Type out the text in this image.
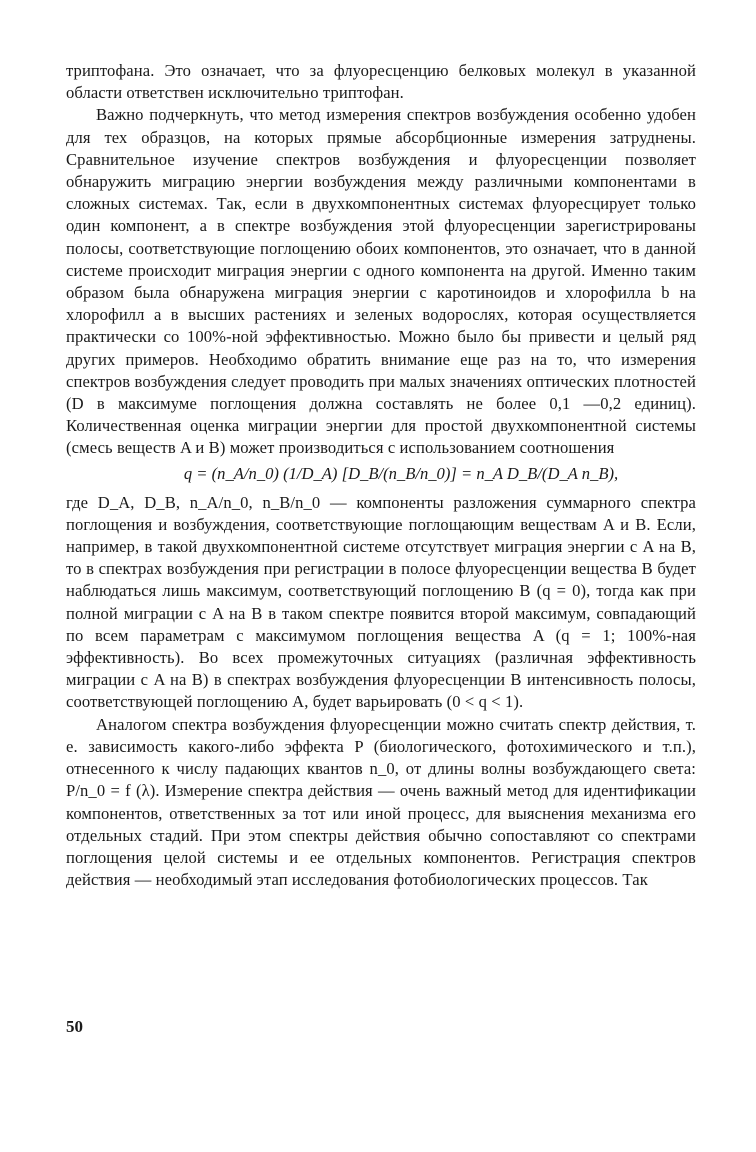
триптофана. Это означает, что за флуоресценцию белковых молекул в указанной области ответствен исключительно триптофан.

Важно подчеркнуть, что метод измерения спектров возбуждения особенно удобен для тех образцов, на которых прямые абсорбционные измерения затруднены. Сравнительное изучение спектров возбуждения и флуоресценции позволяет обнаружить миграцию энергии возбуждения между различными компонентами в сложных системах. Так, если в двухкомпонентных системах флуоресцирует только один компонент, а в спектре возбуждения этой флуоресценции зарегистрированы полосы, соответствующие поглощению обоих компонентов, это означает, что в данной системе происходит миграция энергии с одного компонента на другой. Именно таким образом была обнаружена миграция энергии с каротиноидов и хлорофилла b на хлорофилл a в высших растениях и зеленых водорослях, которая осуществляется практически со 100%-ной эффективностью. Можно было бы привести и целый ряд других примеров. Необходимо обратить внимание еще раз на то, что измерения спектров возбуждения следует проводить при малых значениях оптических плотностей (D в максимуме поглощения должна составлять не более 0,1 —0,2 единиц). Количественная оценка миграции энергии для простой двухкомпонентной системы (смесь веществ A и B) может производиться с использованием соотношения

q = (n_A/n_0) (1/D_A) [D_B/(n_B/n_0)] = n_A D_B/(D_A n_B),

где D_A, D_B, n_A/n_0, n_B/n_0 — компоненты разложения суммарного спектра поглощения и возбуждения, соответствующие поглощающим веществам A и B. Если, например, в такой двухкомпонентной системе отсутствует миграция энергии с A на B, то в спектрах возбуждения при регистрации в полосе флуоресценции вещества B будет наблюдаться лишь максимум, соответствующий поглощению B (q = 0), тогда как при полной миграции с A на B в таком спектре появится второй максимум, совпадающий по всем параметрам с максимумом поглощения вещества A (q = 1; 100%-ная эффективность). Во всех промежуточных ситуациях (различная эффективность миграции с A на B) в спектрах возбуждения флуоресценции B интенсивность полосы, соответствующей поглощению A, будет варьировать (0 < q < 1).

Аналогом спектра возбуждения флуоресценции можно считать спектр действия, т. е. зависимость какого-либо эффекта P (биологического, фотохимического и т.п.), отнесенного к числу падающих квантов n_0, от длины волны возбуждающего света: P/n_0 = f (λ). Измерение спектра действия — очень важный метод для идентификации компонентов, ответственных за тот или иной процесс, для выяснения механизма его отдельных стадий. При этом спектры действия обычно сопоставляют со спектрами поглощения целой системы и ее отдельных компонентов. Регистрация спектров действия — необходимый этап исследования фотобиологических процессов. Так

50
